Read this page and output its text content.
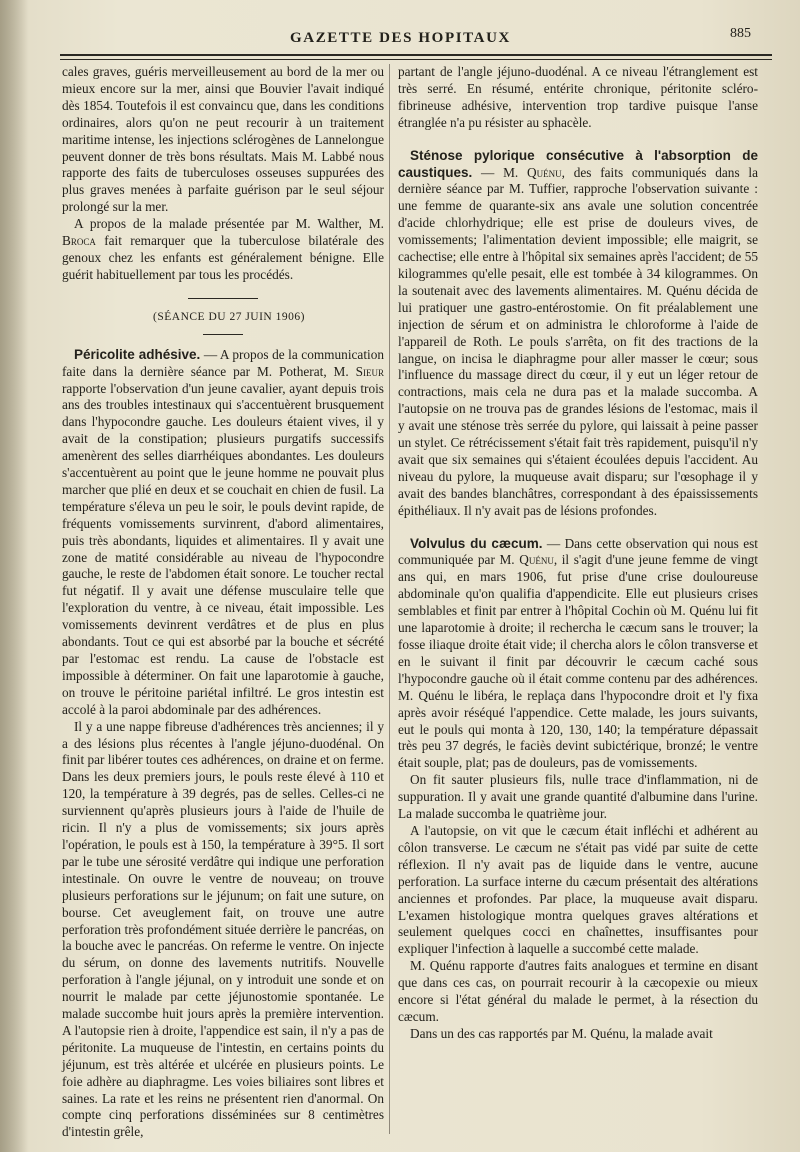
GAZETTE DES HOPITAUX	885

cales graves, guéris merveilleusement au bord de la mer ou mieux encore sur la mer, ainsi que Bouvier l'avait indiqué dès 1854. Toutefois il est convaincu que, dans les conditions ordinaires, alors qu'on ne peut recourir à un traitement maritime intense, les injections sclérogènes de Lannelongue peuvent donner de très bons résultats. Mais M. Labbé nous rapporte des faits de tuberculoses osseuses suppurées des plus graves menées à parfaite guérison par le seul séjour prolongé sur la mer.

A propos de la malade présentée par M. Walther, M. Broca fait remarquer que la tuberculose bilatérale des genoux chez les enfants est généralement bénigne. Elle guérit habituellement par tous les procédés.

(SÉANCE DU 27 JUIN 1906)

Péricolite adhésive. — A propos de la communication faite dans la dernière séance par M. Potherat, M. Sieur rapporte l'observation d'un jeune cavalier, ayant depuis trois ans des troubles intestinaux qui s'accentuèrent brusquement dans l'hypocondre gauche. Les douleurs étaient vives, il y avait de la constipation; plusieurs purgatifs successifs amenèrent des selles diarrhéiques abondantes. Les douleurs s'accentuèrent au point que le jeune homme ne pouvait plus marcher que plié en deux et se couchait en chien de fusil. La température s'éleva un peu le soir, le pouls devint rapide, de fréquents vomissements survinrent, d'abord alimentaires, puis très abondants, liquides et alimentaires. Il y avait une zone de matité considérable au niveau de l'hypocondre gauche, le reste de l'abdomen était sonore. Le toucher rectal fut négatif. Il y avait une défense musculaire telle que l'exploration du ventre, à ce niveau, était impossible. Les vomissements devinrent verdâtres et de plus en plus abondants. Tout ce qui est absorbé par la bouche et sécrété par l'estomac est rendu. La cause de l'obstacle est impossible à déterminer. On fait une laparotomie à gauche, on trouve le péritoine pariétal infiltré. Le gros intestin est accolé à la paroi abdominale par des adhérences.

Il y a une nappe fibreuse d'adhérences très anciennes; il y a des lésions plus récentes à l'angle jéjuno-duodénal. On finit par libérer toutes ces adhérences, on draine et on ferme. Dans les deux premiers jours, le pouls reste élevé à 110 et 120, la température à 39 degrés, pas de selles. Celles-ci ne surviennent qu'après plusieurs jours à l'aide de l'huile de ricin. Il n'y a plus de vomissements; six jours après l'opération, le pouls est à 150, la température à 39°5. Il sort par le tube une sérosité verdâtre qui indique une perforation intestinale. On ouvre le ventre de nouveau; on trouve plusieurs perforations sur le jéjunum; on fait une suture, on bourse. Cet aveuglement fait, on trouve une autre perforation très profondément située derrière le pancréas, on la bouche avec le pancréas. On referme le ventre. On injecte du sérum, on donne des lavements nutritifs. Nouvelle perforation à l'angle jéjunal, on y introduit une sonde et on nourrit le malade par cette jéjunostomie spontanée. Le malade succombe huit jours après la première intervention. A l'autopsie rien à droite, l'appendice est sain, il n'y a pas de péritonite. La muqueuse de l'intestin, en certains points du jéjunum, est très altérée et ulcérée en plusieurs points. Le foie adhère au diaphragme. Les voies biliaires sont libres et saines. La rate et les reins ne présentent rien d'anormal. On compte cinq perforations disséminées sur 8 centimètres d'intestin grêle,

partant de l'angle jéjuno-duodénal. A ce niveau l'étranglement est très serré. En résumé, entérite chronique, péritonite scléro-fibrineuse adhésive, intervention trop tardive puisque l'anse étranglée n'a pu résister au sphacèle.

Sténose pylorique consécutive à l'absorption de caustiques. — M. Quénu, des faits communiqués dans la dernière séance par M. Tuffier, rapproche l'observation suivante : une femme de quarante-six ans avale une solution concentrée d'acide chlorhydrique; elle est prise de douleurs vives, de vomissements; l'alimentation devient impossible; elle maigrit, se cachectise; elle entre à l'hôpital six semaines après l'accident; de 55 kilogrammes qu'elle pesait, elle est tombée à 34 kilogrammes. On la soutenait avec des lavements alimentaires. M. Quénu décida de lui pratiquer une gastro-entérostomie. On fit préalablement une injection de sérum et on administra le chloroforme à l'aide de l'appareil de Roth. Le pouls s'arrêta, on fit des tractions de la langue, on incisa le diaphragme pour aller masser le cœur; sous l'influence du massage direct du cœur, il y eut un léger retour de contractions, mais cela ne dura pas et la malade succomba. A l'autopsie on ne trouva pas de grandes lésions de l'estomac, mais il y avait une sténose très serrée du pylore, qui laissait à peine passer un stylet. Ce rétrécissement s'était fait très rapidement, puisqu'il n'y avait que six semaines qui s'étaient écoulées depuis l'accident. Au niveau du pylore, la muqueuse avait disparu; sur l'œsophage il y avait des bandes blanchâtres, correspondant à des épaississements épithéliaux. Il n'y avait pas de lésions profondes.

Volvulus du cæcum. — Dans cette observation qui nous est communiquée par M. Quénu, il s'agit d'une jeune femme de vingt ans qui, en mars 1906, fut prise d'une crise douloureuse abdominale qu'on qualifia d'appendicite. Elle eut plusieurs crises semblables et finit par entrer à l'hôpital Cochin où M. Quénu lui fit une laparotomie à droite; il rechercha le cæcum sans le trouver; la fosse iliaque droite était vide; il chercha alors le côlon transverse et en le suivant il finit par découvrir le cæcum caché sous l'hypocondre gauche où il était comme contenu par des adhérences. M. Quénu le libéra, le replaça dans l'hypocondre droit et l'y fixa après avoir réséqué l'appendice. Cette malade, les jours suivants, eut le pouls qui monta à 120, 130, 140; la température dépassait très peu 37 degrés, le faciès devint subictérique, bronzé; le ventre était souple, plat; pas de douleurs, pas de vomissements.

On fit sauter plusieurs fils, nulle trace d'inflammation, ni de suppuration. Il y avait une grande quantité d'albumine dans l'urine. La malade succomba le quatrième jour.

A l'autopsie, on vit que le cæcum était infléchi et adhérent au côlon transverse. Le cæcum ne s'était pas vidé par suite de cette réflexion. Il n'y avait pas de liquide dans le ventre, aucune perforation. La surface interne du cæcum présentait des altérations anciennes et profondes. Par place, la muqueuse avait disparu. L'examen histologique montra quelques graves altérations et seulement quelques cocci en chaînettes, insuffisantes pour expliquer l'infection à laquelle a succombé cette malade.

M. Quénu rapporte d'autres faits analogues et termine en disant que dans ces cas, on pourrait recourir à la cæcopexie ou mieux encore si l'état général du malade le permet, à la résection du cæcum.

Dans un des cas rapportés par M. Quénu, la malade avait
